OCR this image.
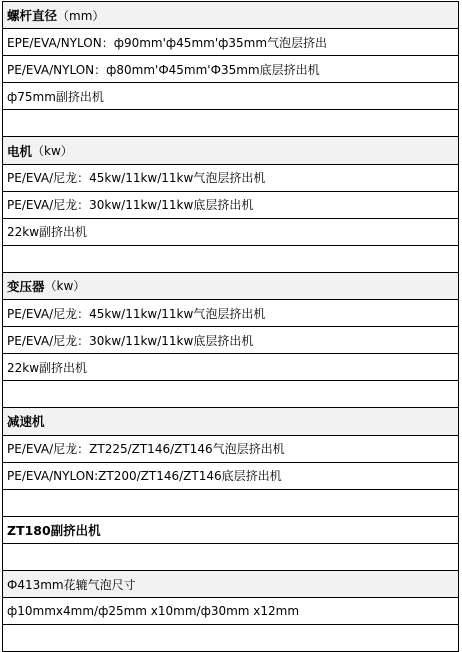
螺杆直径 （mm）
EPE/EVA/NYLON：ф90mm'ф45mm'ф35mm气泡层挤出
PE/EVA/NYLON：ф80mm'Ф45mm'Ф35mm底层挤出机
ф75mm副挤出机
电机 （kw）
PE/EVA/尼龙：45kw/11kw/11kw气泡层挤出机
PE/EVA/尼龙：30kw/11kw/11kw底层挤出机
22kw副挤出机
变压器 （kw）
PE/EVA/尼龙：45kw/11kw/11kw气泡层挤出机
PE/EVA/尼龙：30kw/11kw/11kw底层挤出机
22kw副挤出机
减速机
PE/EVA/尼龙：ZT225/ZT146/ZT146气泡层挤出机
PE/EVA/NYLON:ZT200/ZT146/ZT146底层挤出机
ZT180副挤出机
Ф413mm花辘气泡尺寸
ф10mmx4mm/ф25mm x10mm/ф30mm x12mm
